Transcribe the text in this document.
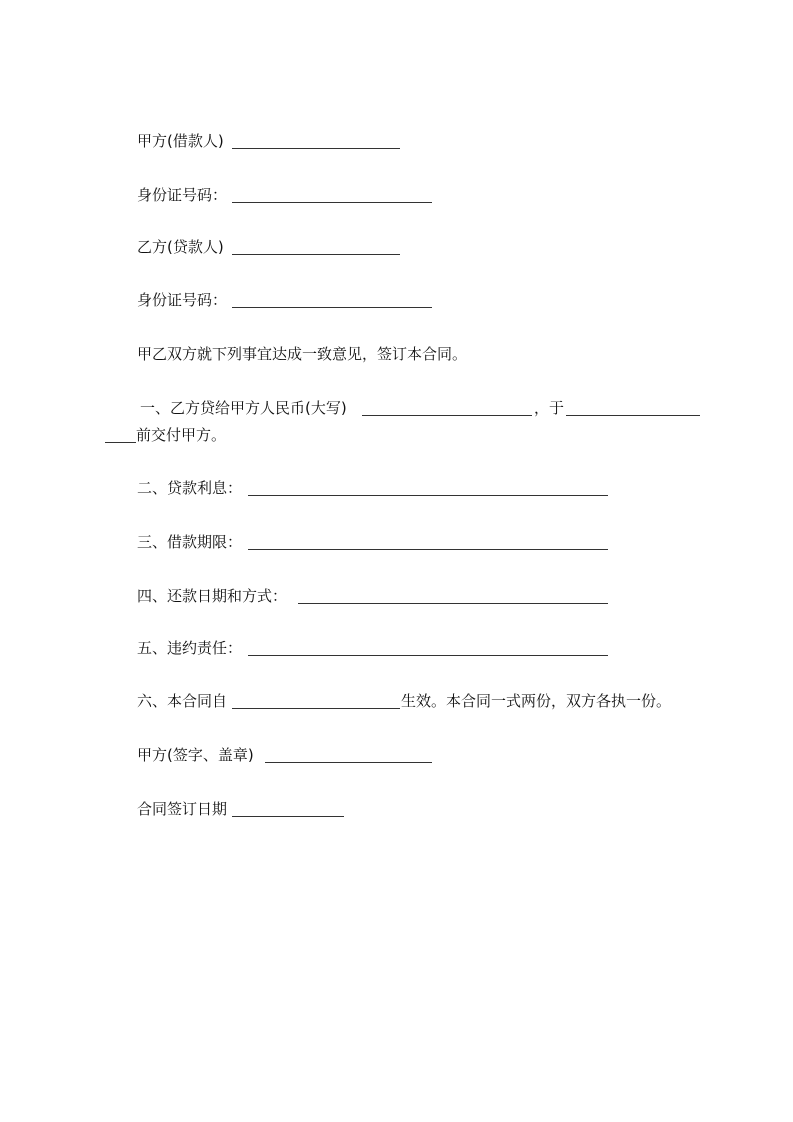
甲方(借款人)
身份证号码：
乙方(贷款人)
身份证号码：
甲乙双方就下列事宜达成一致意见，签订本合同。
一、乙方贷给甲方人民币(大写)	，于
前交付甲方。
二、贷款利息：
三、借款期限：
四、还款日期和方式：
五、违约责任：
六、本合同自	生效。本合同一式两份，双方各执一份。
甲方(签字、盖章)
合同签订日期
